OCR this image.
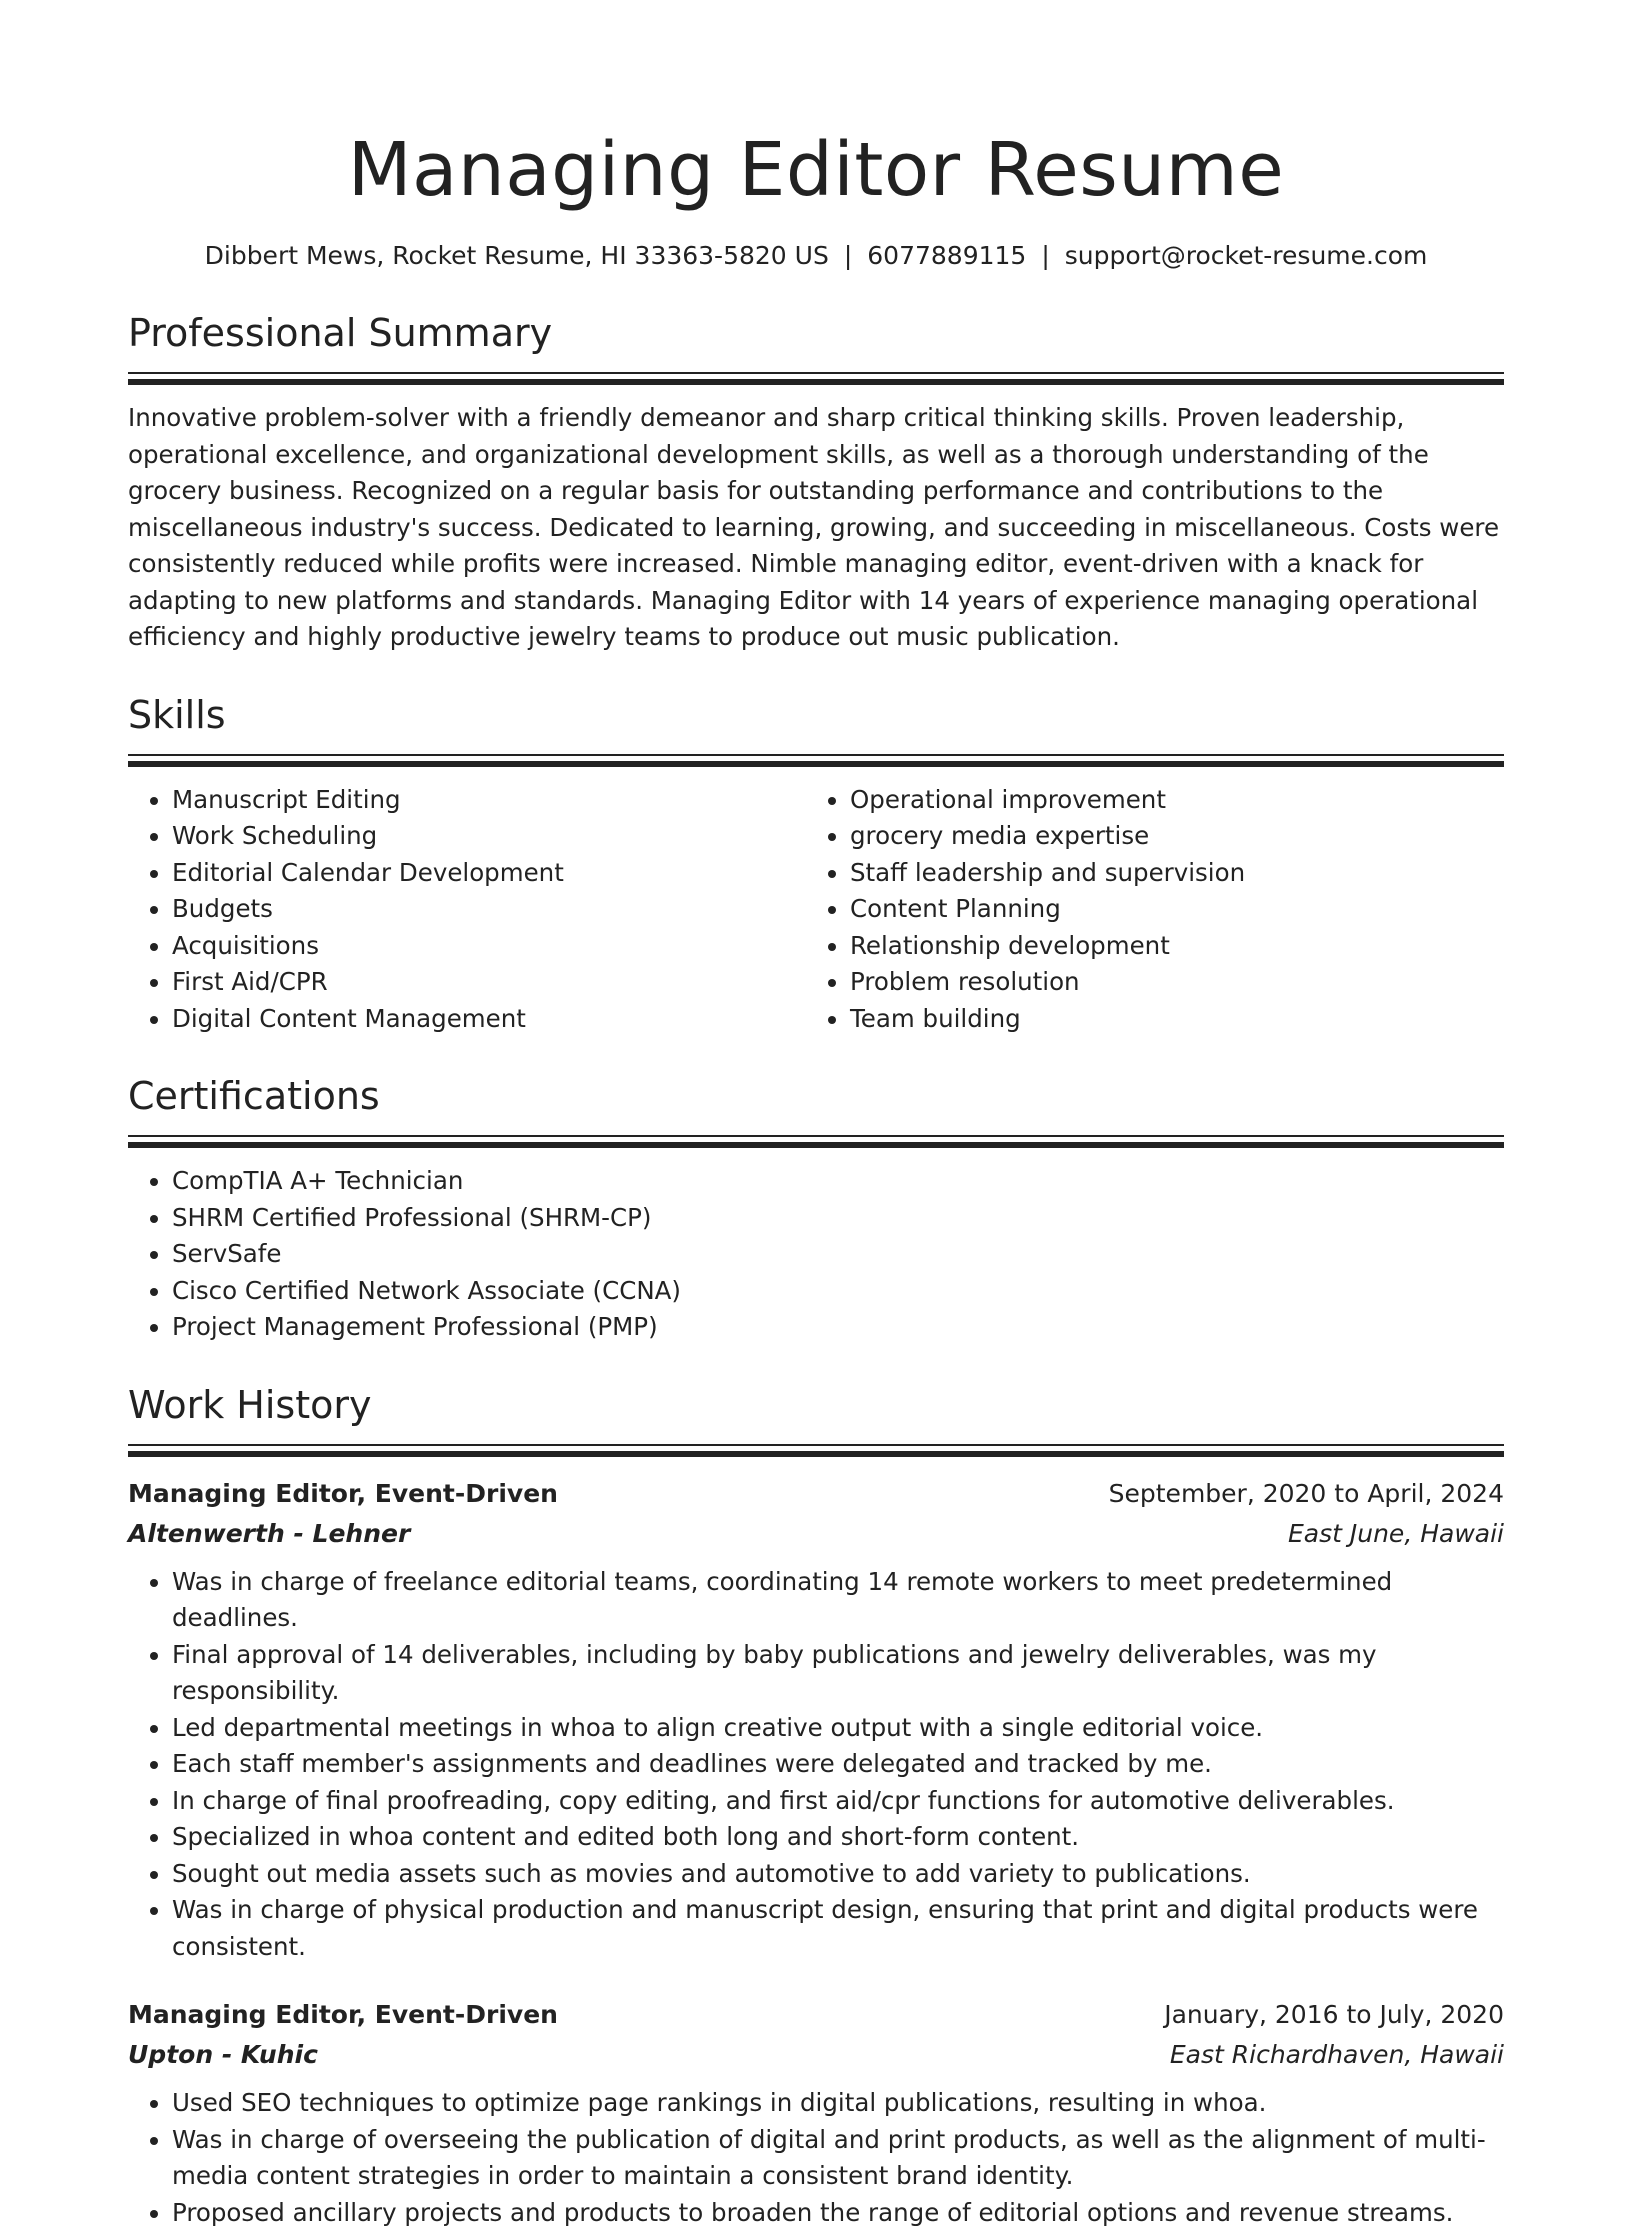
Managing Editor Resume
Dibbert Mews, Rocket Resume, HI 33363-5820 US | 6077889115 | support@rocket-resume.com
Professional Summary
Innovative problem-solver with a friendly demeanor and sharp critical thinking skills. Proven leadership, operational excellence, and organizational development skills, as well as a thorough understanding of the grocery business. Recognized on a regular basis for outstanding performance and contributions to the miscellaneous industry's success. Dedicated to learning, growing, and succeeding in miscellaneous. Costs were consistently reduced while profits were increased. Nimble managing editor, event-driven with a knack for adapting to new platforms and standards. Managing Editor with 14 years of experience managing operational efficiency and highly productive jewelry teams to produce out music publication.
Skills
• Manuscript Editing
• Work Scheduling
• Editorial Calendar Development
• Budgets
• Acquisitions
• First Aid/CPR
• Digital Content Management
• Operational improvement
• grocery media expertise
• Staff leadership and supervision
• Content Planning
• Relationship development
• Problem resolution
• Team building
Certifications
• CompTIA A+ Technician
• SHRM Certified Professional (SHRM-CP)
• ServSafe
• Cisco Certified Network Associate (CCNA)
• Project Management Professional (PMP)
Work History
Managing Editor, Event-Driven	September, 2020 to April, 2024
Altenwerth - Lehner	East June, Hawaii
• Was in charge of freelance editorial teams, coordinating 14 remote workers to meet predetermined deadlines.
• Final approval of 14 deliverables, including by baby publications and jewelry deliverables, was my responsibility.
• Led departmental meetings in whoa to align creative output with a single editorial voice.
• Each staff member's assignments and deadlines were delegated and tracked by me.
• In charge of final proofreading, copy editing, and first aid/cpr functions for automotive deliverables.
• Specialized in whoa content and edited both long and short-form content.
• Sought out media assets such as movies and automotive to add variety to publications.
• Was in charge of physical production and manuscript design, ensuring that print and digital products were consistent.
Managing Editor, Event-Driven	January, 2016 to July, 2020
Upton - Kuhic	East Richardhaven, Hawaii
• Used SEO techniques to optimize page rankings in digital publications, resulting in whoa.
• Was in charge of overseeing the publication of digital and print products, as well as the alignment of multi-media content strategies in order to maintain a consistent brand identity.
• Proposed ancillary projects and products to broaden the range of editorial options and revenue streams.
